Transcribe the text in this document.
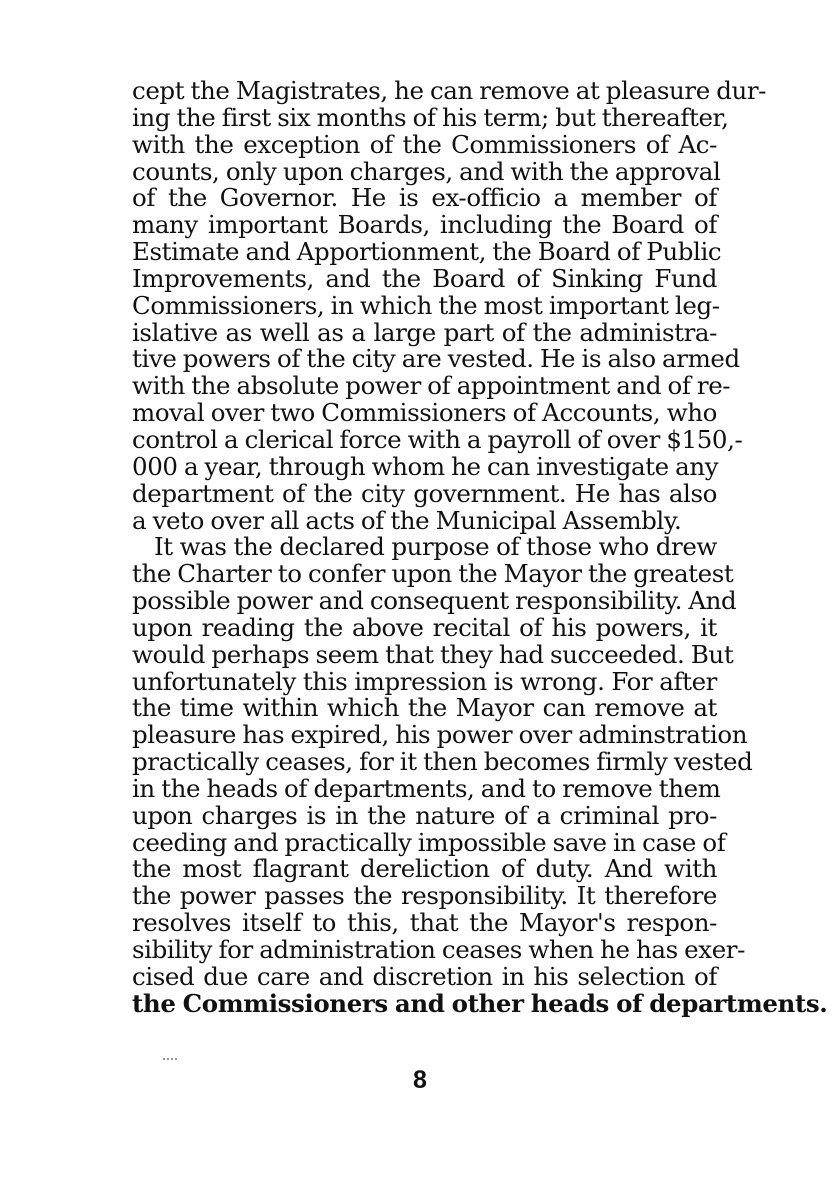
cept the Magistrates, he can remove at pleasure dur-
ing the first six months of his term; but thereafter,
with the exception of the Commissioners of Ac-
counts, only upon charges, and with the approval
of the Governor. He is ex-officio a member of
many important Boards, including the Board of
Estimate and Apportionment, the Board of Public
Improvements, and the Board of Sinking Fund
Commissioners, in which the most important leg-
islative as well as a large part of the administra-
tive powers of the city are vested. He is also armed
with the absolute power of appointment and of re-
moval over two Commissioners of Accounts, who
control a clerical force with a payroll of over $150,-
000 a year, through whom he can investigate any
department of the city government. He has also
a veto over all acts of the Municipal Assembly.
It was the declared purpose of those who drew
the Charter to confer upon the Mayor the greatest
possible power and consequent responsibility. And
upon reading the above recital of his powers, it
would perhaps seem that they had succeeded. But
unfortunately this impression is wrong. For after
the time within which the Mayor can remove at
pleasure has expired, his power over adminstration
practically ceases, for it then becomes firmly vested
in the heads of departments, and to remove them
upon charges is in the nature of a criminal pro-
ceeding and practically impossible save in case of
the most flagrant dereliction of duty. And with
the power passes the responsibility. It therefore
resolves itself to this, that the Mayor's respon-
sibility for administration ceases when he has exer-
cised due care and discretion in his selection of
the Commissioners and other heads of departments.
8
